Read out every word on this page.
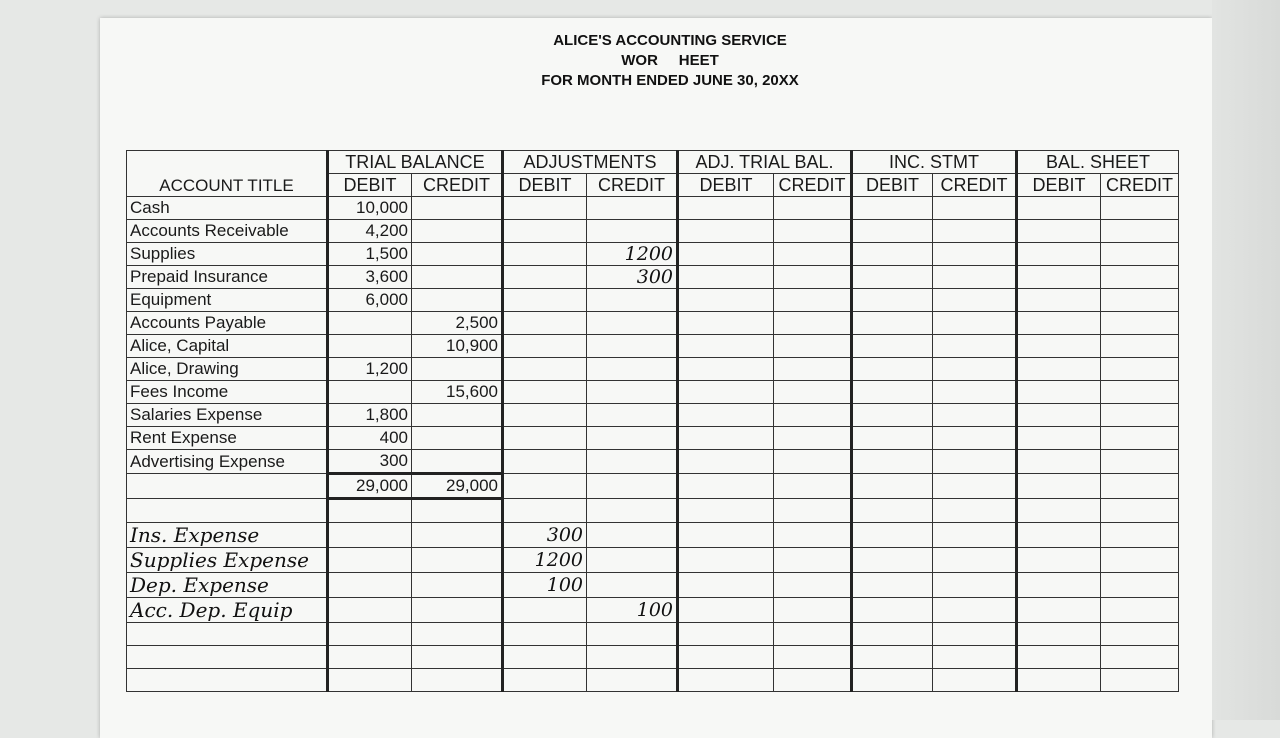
ALICE'S ACCOUNTING SERVICE
WOR     HEET
FOR MONTH ENDED JUNE 30, 20XX
ACCOUNT TITLE	TRIAL BALANCE		ADJUSTMENTS		ADJ. TRIAL BAL.		INC. STMT		BAL. SHEET	
	DEBIT	CREDIT	DEBIT	CREDIT	DEBIT	CREDIT	DEBIT	CREDIT	DEBIT	CREDIT
Cash	10,000									
Accounts Receivable	4,200									
Supplies	1,500			1200						
Prepaid Insurance	3,600			300						
Equipment	6,000									
Accounts Payable		2,500								
Alice, Capital		10,900								
Alice, Drawing	1,200									
Fees Income		15,600								
Salaries Expense	1,800									
Rent Expense	400									
Advertising Expense	300									
	29,000	29,000								

Ins. Expense			300							
Supplies Expense			1200							
Dep. Expense			100							
Acc. Dep. Equip				100						
